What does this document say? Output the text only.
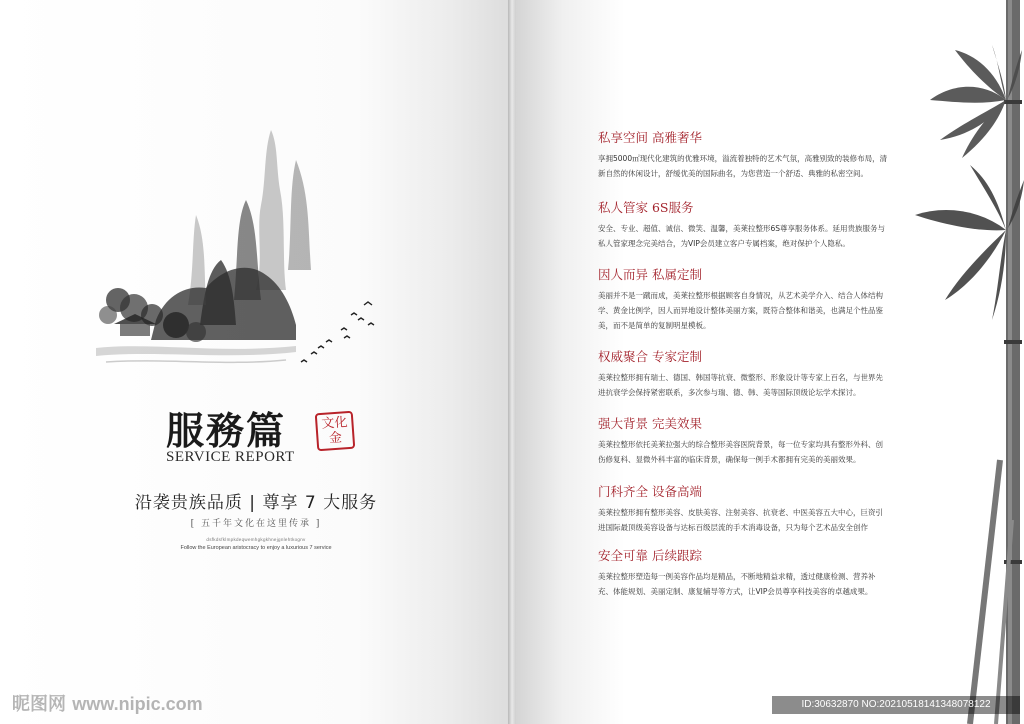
服務篇	文化金
SERVICE REPORT
沿袭贵族品质 | 尊享 7 大服务
[ 五千年文化在这里传承 ]
dsfkdsfklmpkdeqwemhgkgkhnejgnlehtkognv
Follow the European aristocracy to enjoy a luxurious 7 service
私享空间 高雅奢华
享拥5000㎡现代化建筑的优雅环境，溢流着独特的艺术气氛，高雅别致的装修布局，清新自然的休闲设计，舒缓优美的国际曲名，为您营造一个舒适、典雅的私密空间。
私人管家 6S服务
安全、专业、超值、诚信、微笑、温馨，美莱拉整形6S尊享服务体系。延用贵族服务与私人管家理念完美结合，为VIP会员建立客户专属档案，绝对保护个人隐私。
因人而异 私属定制
美丽并不是一蹴而成，美莱拉整形根据顾客自身情况，从艺术美学介入、结合人体结构学、黄金比例学，因人而异地设计整体美丽方案，既符合整体和谐美，也满足个性品鉴美，而不是简单的复制明星模板。
权威聚合 专家定制
美莱拉整形拥有瑞士、德国、韩国等抗衰、微整形、形象设计等专家上百名，与世界先进抗衰学会保持紧密联系，多次参与瑞、德、韩、美等国际顶级论坛学术探讨。
强大背景 完美效果
美莱拉整形依托美莱拉强大的综合整形美容医院背景，每一位专家均具有整形外科、创伤修复科、显微外科丰富的临床背景，确保每一例手术都拥有完美的美丽效果。
门科齐全 设备高端
美莱拉整形拥有整形美容、皮肤美容、注射美容、抗衰老、中医美容五大中心，巨资引进国际最顶级美容设备与达标百级层流的手术消毒设备，只为每个艺术品安全创作
安全可靠 后续跟踪
美莱拉整形塑造每一例美容作品均是精品，不断地精益求精，透过健康检测、营养补充、体能规划、美丽定制、康复辅导等方式，让VIP会员尊享科技美容的卓越成果。
昵图网 www.nipic.com	ID:30632870 NO:20210518141348078122
